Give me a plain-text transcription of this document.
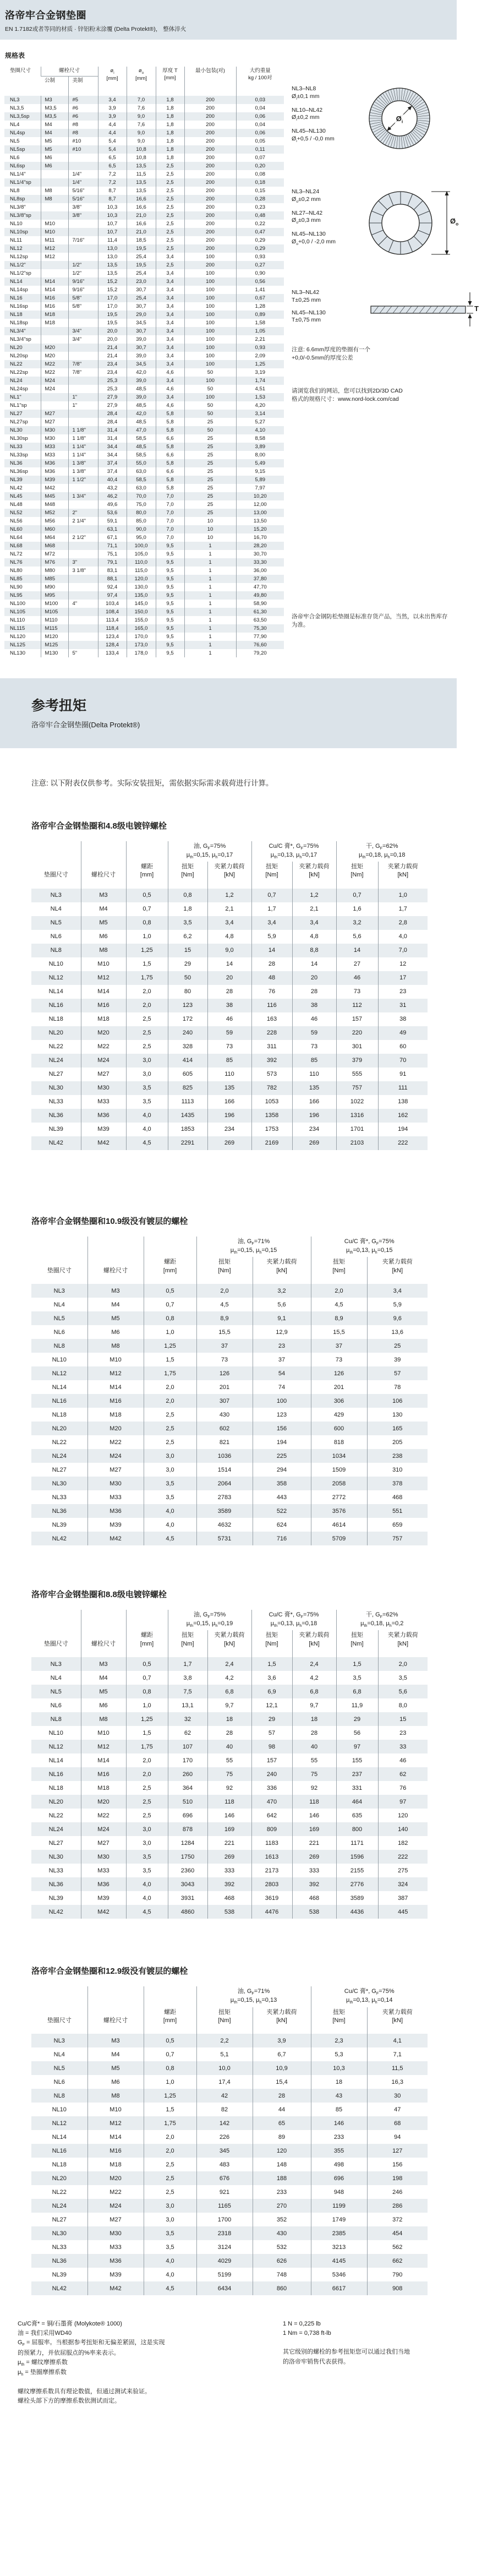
洛帝牢合金钢垫圈

EN 1.7182或者等同的材质 · 锌铝粉末涂覆 (Delta Protekt®)， 整体淬火

规格表
垫圈尺寸	螺栓尺寸		$ø_i$
[mm]	$ø_o$
[mm]	厚度 T
[mm]	最小包装(对)	大约重量
kg / 100对
	公制	美制					
NL3	M3	#5	3,4	7,0	1,8	200	0,03
NL3,5	M3,5	#6	3,9	7,6	1,8	200	0,04
NL3,5sp	M3,5	#6	3,9	9,0	1,8	200	0,06
NL4	M4	#8	4,4	7,6	1,8	200	0,04
NL4sp	M4	#8	4,4	9,0	1,8	200	0,06
NL5	M5	#10	5,4	9,0	1,8	200	0,05
NL5sp	M5	#10	5,4	10,8	1,8	200	0,11
NL6	M6		6,5	10,8	1,8	200	0,07
NL6sp	M6		6,5	13,5	2,5	200	0,20
NL1/4"		1/4"	7,2	11,5	2,5	200	0,08
NL1/4"sp		1/4"	7,2	13,5	2,5	200	0,18
NL8	M8	5/16"	8,7	13,5	2,5	200	0,15
NL8sp	M8	5/16"	8,7	16,6	2,5	200	0,28
NL3/8"		3/8"	10,3	16,6	2,5	200	0,23
NL3/8"sp		3/8"	10,3	21,0	2,5	200	0,48
NL10	M10		10,7	16,6	2,5	200	0,22
NL10sp	M10		10,7	21,0	2,5	200	0,47
NL11	M11	7/16"	11,4	18,5	2,5	200	0,29
NL12	M12		13,0	19,5	2,5	200	0,29
NL12sp	M12		13,0	25,4	3,4	100	0,93
NL1/2"		1/2"	13,5	19,5	2,5	200	0,27
NL1/2"sp		1/2"	13,5	25,4	3,4	100	0,90
NL14	M14	9/16"	15,2	23,0	3,4	100	0,56
NL14sp	M14	9/16"	15,2	30,7	3,4	100	1,41
NL16	M16	5/8"	17,0	25,4	3,4	100	0,67
NL16sp	M16	5/8"	17,0	30,7	3,4	100	1,28
NL18	M18		19,5	29,0	3,4	100	0,89
NL18sp	M18		19,5	34,5	3,4	100	1,58
NL3/4"		3/4"	20,0	30,7	3,4	100	1,05
NL3/4"sp		3/4"	20,0	39,0	3,4	100	2,21
NL20	M20		21,4	30,7	3,4	100	0,93
NL20sp	M20		21,4	39,0	3,4	100	2,09
NL22	M22	7/8"	23,4	34,5	3,4	100	1,25
NL22sp	M22	7/8"	23,4	42,0	4,6	50	3,19
NL24	M24		25,3	39,0	3,4	100	1,74
NL24sp	M24		25,3	48,5	4,6	50	4,51
NL1"		1"	27,9	39,0	3,4	100	1,53
NL1"sp		1"	27,9	48,5	4,6	50	4,20
NL27	M27		28,4	42,0	5,8	50	3,14
NL27sp	M27		28,4	48,5	5,8	25	5,27
NL30	M30	1 1/8"	31,4	47,0	5,8	50	4,10
NL30sp	M30	1 1/8"	31,4	58,5	6,6	25	8,58
NL33	M33	1 1/4"	34,4	48,5	5,8	25	3,89
NL33sp	M33	1 1/4"	34,4	58,5	6,6	25	8,00
NL36	M36	1 3/8"	37,4	55,0	5,8	25	5,49
NL36sp	M36	1 3/8"	37,4	63,0	6,6	25	9,15
NL39	M39	1 1/2"	40,4	58,5	5,8	25	5,89
NL42	M42		43,2	63,0	5,8	25	7,97
NL45	M45	1 3/4"	46,2	70,0	7,0	25	10,20
NL48	M48		49,6	75,0	7,0	25	12,00
NL52	M52	2"	53,6	80,0	7,0	25	13,00
NL56	M56	2 1/4"	59,1	85,0	7,0	10	13,50
NL60	M60		63,1	90,0	7,0	10	15,20
NL64	M64	2 1/2"	67,1	95,0	7,0	10	16,70
NL68	M68		71,1	100,0	9,5	1	28,20
NL72	M72		75,1	105,0	9,5	1	30,70
NL76	M76	3"	79,1	110,0	9,5	1	33,30
NL80	M80	3 1/8"	83,1	115,0	9,5	1	36,00
NL85	M85		88,1	120,0	9,5	1	37,80
NL90	M90		92,4	130,0	9,5	1	47,70
NL95	M95		97,4	135,0	9,5	1	49,80
NL100	M100	4"	103,4	145,0	9,5	1	58,90
NL105	M105		108,4	150,0	9,5	1	61,30
NL110	M110		113,4	155,0	9,5	1	63,50
NL115	M115		118,4	165,0	9,5	1	75,30
NL120	M120		123,4	170,0	9,5	1	77,90
NL125	M125		128,4	173,0	9,5	1	76,60
NL130	M130	5"	133,4	178,0	9,5	1	79,20
NL3–NL8
$Ø_i\pm 0,1$ mm
NL10–NL42
$Ø_i\pm 0,2$ mm
NL45–NL130
$Ø_i+0,5 / -0,0$ mm
$Ø_i$
NL3–NL24
$Ø_o\pm 0,2$ mm
NL27–NL42
$Ø_o\pm 0,3$ mm
NL45–NL130
$Ø_o+0,0 / -2,0$ mm
$Ø_o$
NL3–NL42
T±0,25 mm
NL45–NL130
T±0,75 mm
T

注意: 6.6mm厚度的垫圈有一个
+0,0/-0.5mm的厚度公差

请浏览我们的网站，您可以找到2D/3D CAD
格式的规格尺寸：www.nord-lock.com/cad

洛帝牢合金钢防松垫圈是标准存货产品，当然，以未出售库存为准。

参考扭矩

洛帝牢合金钢垫圈(Delta Protekt®)

注意: 以下附表仅供参考。实际安装扭矩，需依据实际需求载荷进行计算。

洛帝牢合金钢垫圈和4.8级电镀锌螺栓
垫圈尺寸	螺栓尺寸	螺距
[mm]	油, $G_F=75\%$
$\mu_{th}=0,15$, $\mu_h=0,17$		Cu/C 膏*, $G_F=75\%$
$\mu_{th}=0,13$, $\mu_h=0,17$		干, $G_F=62\%$
$\mu_{th}=0,18$, $\mu_h=0,18$	
			扭矩
[Nm]	夹紧力载荷
[kN]	扭矩
[Nm]	夹紧力载荷
[kN]	扭矩
[Nm]	夹紧力载荷
[kN]
NL3	M3	0,5	0,8	1,2	0,7	1,2	0,7	1,0
NL4	M4	0,7	1,8	2,1	1,7	2,1	1,6	1,7
NL5	M5	0,8	3,5	3,4	3,4	3,4	3,2	2,8
NL6	M6	1,0	6,2	4,8	5,9	4,8	5,6	4,0
NL8	M8	1,25	15	9,0	14	8,8	14	7,0
NL10	M10	1,5	29	14	28	14	27	12
NL12	M12	1,75	50	20	48	20	46	17
NL14	M14	2,0	80	28	76	28	73	23
NL16	M16	2,0	123	38	116	38	112	31
NL18	M18	2,5	172	46	163	46	157	38
NL20	M20	2,5	240	59	228	59	220	49
NL22	M22	2,5	328	73	311	73	301	60
NL24	M24	3,0	414	85	392	85	379	70
NL27	M27	3,0	605	110	573	110	555	91
NL30	M30	3,5	825	135	782	135	757	111
NL33	M33	3,5	1113	166	1053	166	1022	138
NL36	M36	4,0	1435	196	1358	196	1316	162
NL39	M39	4,0	1853	234	1753	234	1701	194
NL42	M42	4,5	2291	269	2169	269	2103	222
洛帝牢合金钢垫圈和10.9级没有镀层的螺栓
垫圈尺寸	螺栓尺寸	螺距
[mm]	油, $G_F=71\%$
$\mu_{th}=0,15$, $\mu_h=0,15$		Cu/C 膏*, $G_F=75\%$
$\mu_{th}=0,13$, $\mu_h=0,15$	
			扭矩
[Nm]	夹紧力载荷
[kN]	扭矩
[Nm]	夹紧力载荷
[kN]
NL3	M3	0,5	2,0	3,2	2,0	3,4
NL4	M4	0,7	4,5	5,6	4,5	5,9
NL5	M5	0,8	8,9	9,1	8,9	9,6
NL6	M6	1,0	15,5	12,9	15,5	13,6
NL8	M8	1,25	37	23	37	25
NL10	M10	1,5	73	37	73	39
NL12	M12	1,75	126	54	126	57
NL14	M14	2,0	201	74	201	78
NL16	M16	2,0	307	100	306	106
NL18	M18	2,5	430	123	429	130
NL20	M20	2,5	602	156	600	165
NL22	M22	2,5	821	194	818	205
NL24	M24	3,0	1036	225	1034	238
NL27	M27	3,0	1514	294	1509	310
NL30	M30	3,5	2064	358	2058	378
NL33	M33	3,5	2783	443	2772	468
NL36	M36	4,0	3589	522	3576	551
NL39	M39	4,0	4632	624	4614	659
NL42	M42	4,5	5731	716	5709	757
洛帝牢合金钢垫圈和8.8级电镀锌螺栓
垫圈尺寸	螺栓尺寸	螺距
[mm]	油, $G_F=75\%$
$\mu_{th}=0,15$, $\mu_h=0,19$		Cu/C 膏*, $G_F=75\%$
$\mu_{th}=0,13$, $\mu_h=0,18$		干, $G_F=62\%$
$\mu_{th}=0,18$, $\mu_h=0,2$	
			扭矩
[Nm]	夹紧力载荷
[kN]	扭矩
[Nm]	夹紧力载荷
[kN]	扭矩
[Nm]	夹紧力载荷
[kN]
NL3	M3	0,5	1,7	2,4	1,5	2,4	1,5	2,0
NL4	M4	0,7	3,8	4,2	3,6	4,2	3,5	3,5
NL5	M5	0,8	7,5	6,8	6,9	6,8	6,8	5,6
NL6	M6	1,0	13,1	9,7	12,1	9,7	11,9	8,0
NL8	M8	1,25	32	18	29	18	29	15
NL10	M10	1,5	62	28	57	28	56	23
NL12	M12	1,75	107	40	98	40	97	33
NL14	M14	2,0	170	55	157	55	155	46
NL16	M16	2,0	260	75	240	75	237	62
NL18	M18	2,5	364	92	336	92	331	76
NL20	M20	2,5	510	118	470	118	464	97
NL22	M22	2,5	696	146	642	146	635	120
NL24	M24	3,0	878	169	809	169	800	140
NL27	M27	3,0	1284	221	1183	221	1171	182
NL30	M30	3,5	1750	269	1613	269	1596	222
NL33	M33	3,5	2360	333	2173	333	2155	275
NL36	M36	4,0	3043	392	2803	392	2776	324
NL39	M39	4,0	3931	468	3619	468	3589	387
NL42	M42	4,5	4860	538	4476	538	4436	445
洛帝牢合金钢垫圈和12.9级没有镀层的螺栓
垫圈尺寸	螺栓尺寸	螺距
[mm]	油, $G_F=71\%$
$\mu_{th}=0,15$, $\mu_h=0,13$		Cu/C 膏*, $G_F=75\%$
$\mu_{th}=0,13$, $\mu_h=0,14$	
			扭矩
[Nm]	夹紧力载荷
[kN]	扭矩
[Nm]	夹紧力载荷
[kN]
NL3	M3	0,5	2,2	3,9	2,3	4,1
NL4	M4	0,7	5,1	6,7	5,3	7,1
NL5	M5	0,8	10,0	10,9	10,3	11,5
NL6	M6	1,0	17,4	15,4	18	16,3
NL8	M8	1,25	42	28	43	30
NL10	M10	1,5	82	44	85	47
NL12	M12	1,75	142	65	146	68
NL14	M14	2,0	226	89	233	94
NL16	M16	2,0	345	120	355	127
NL18	M18	2,5	483	148	498	156
NL20	M20	2,5	676	188	696	198
NL22	M22	2,5	921	233	948	246
NL24	M24	3,0	1165	270	1199	286
NL27	M27	3,0	1700	352	1749	372
NL30	M30	3,5	2318	430	2385	454
NL33	M33	3,5	3124	532	3213	562
NL36	M36	4,0	4029	626	4145	662
NL39	M39	4,0	5199	748	5346	790
NL42	M42	4,5	6434	860	6617	908

Cu/C膏* = 铜/石墨膏 (Molykote® 1000)

油 = 我们采用WD40

$G_F$ = 屈服率。当根据参考扭矩和无偏差紧固，这是实现
的预紧力，并依屈服点的%率来表示。

$\mu_{th}$ = 螺纹摩擦系数

$\mu_h$ = 垫圈摩擦系数

螺纹摩擦系数具有理论数值，但通过测试来验证。
螺栓头部下方的摩擦系数依测试而定。

1 N = 0,225 lb

1 Nm = 0,738 ft-lb

其它级别的螺栓的参考扭矩您可以通过我们当地
的洛帝牢销售代表获得。
